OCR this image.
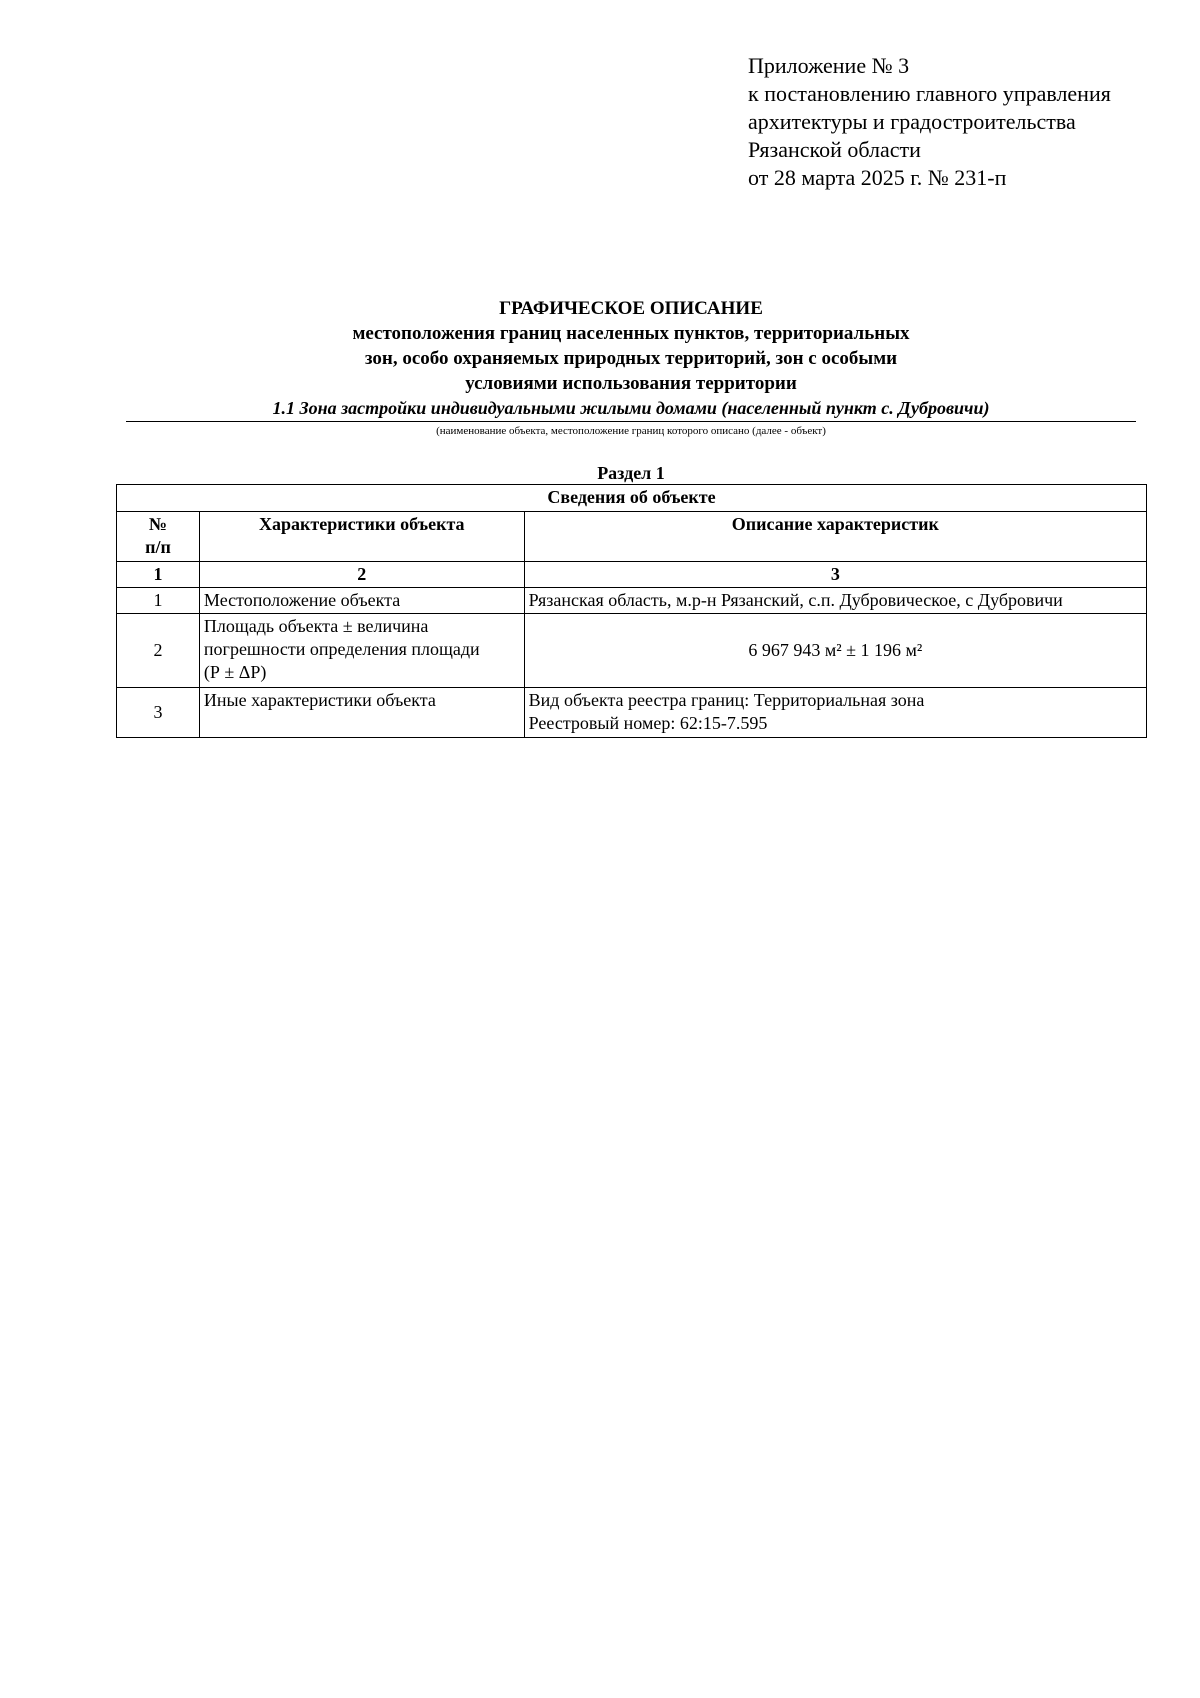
Приложение № 3
к постановлению главного управления
архитектуры и градостроительства
Рязанской области
от 28 марта 2025 г. № 231-п
ГРАФИЧЕСКОЕ ОПИСАНИЕ
местоположения границ населенных пунктов, территориальных
зон, особо охраняемых природных территорий, зон с особыми
условиями использования территории
1.1 Зона застройки индивидуальными жилыми домами (населенный пункт с. Дубровичи)
(наименование объекта, местоположение границ которого описано (далее - объект)
Раздел 1
Сведения об объекте		

№
п/п	Характеристики объекта	Описание характеристик
1	2	3
1	Местоположение объекта	Рязанская область, м.р-н Рязанский, с.п. Дубровическое, с Дубровичи

2	Площадь объекта ± величина
погрешности определения площади
(Р ± ΔР)	6 967 943 м² ± 1 196 м²

3	Иные характеристики объекта	Вид объекта реестра границ: Территориальная зона
Реестровый номер: 62:15-7.595
